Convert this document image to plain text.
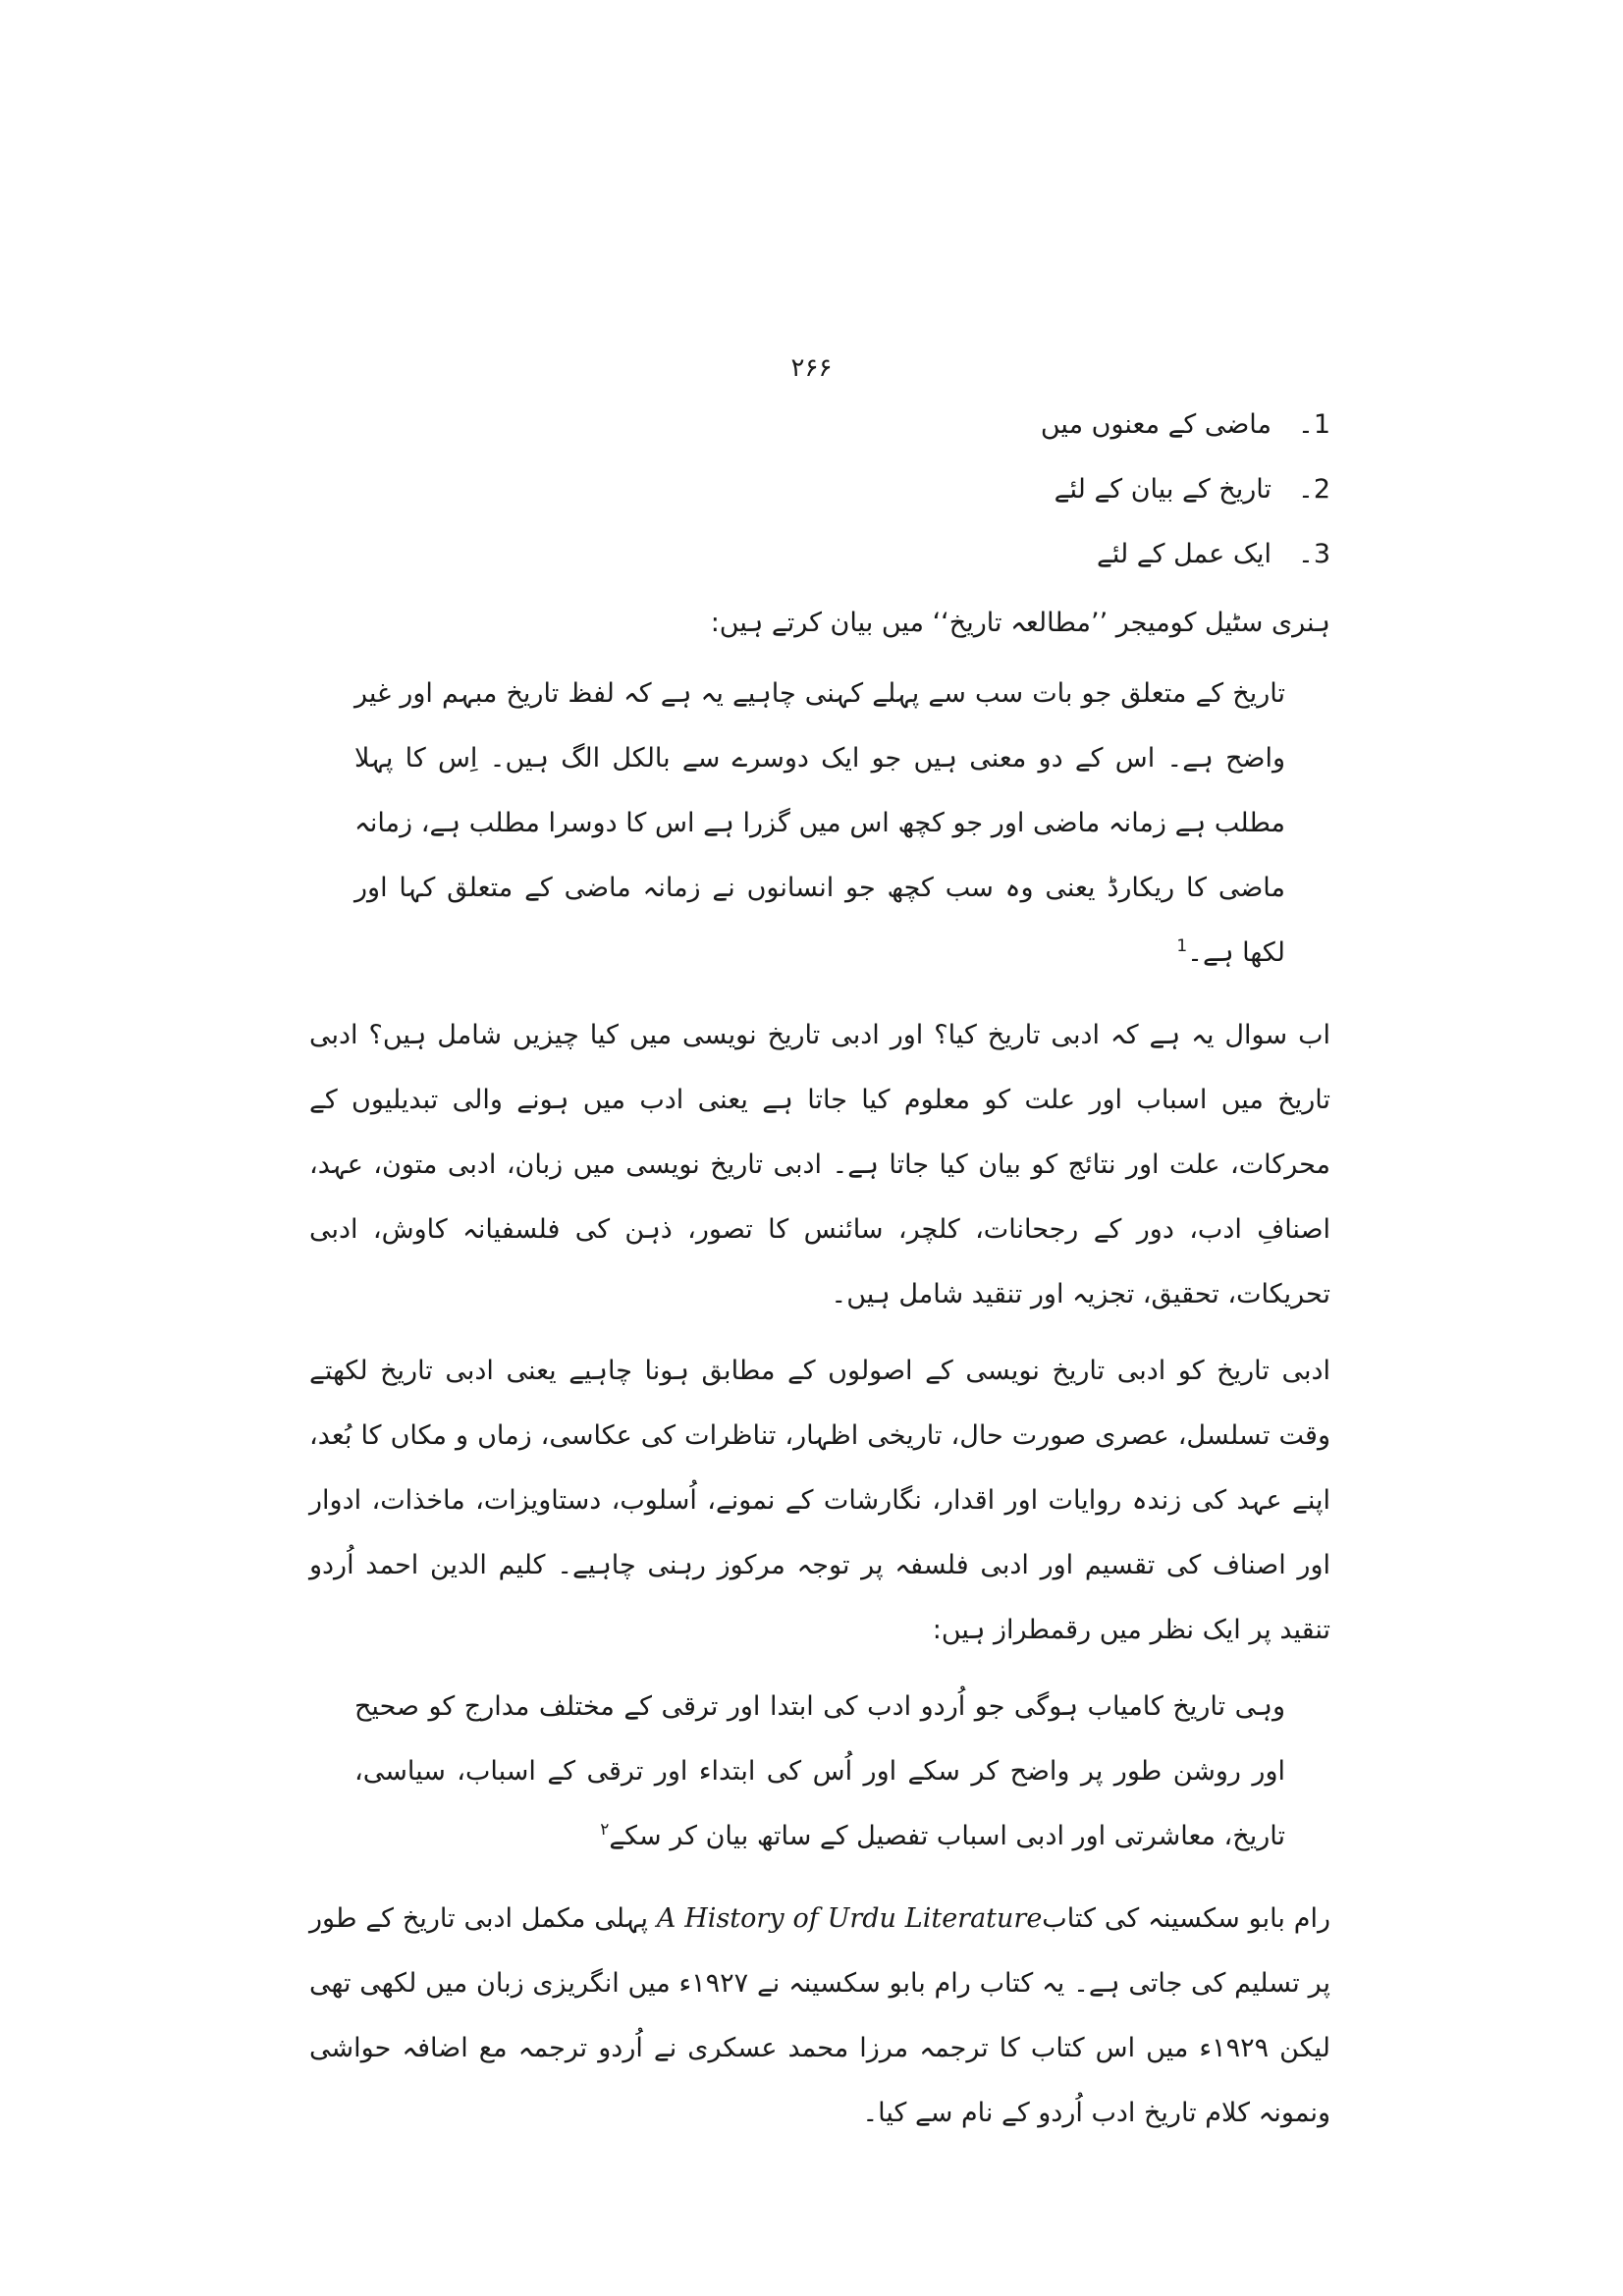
۲۶۶
1۔
ماضی کے معنوں میں
2۔
تاریخ کے بیان کے لئے
3۔
ایک عمل کے لئے

ہنری سٹیل کومیجر ’’مطالعہ تاریخ‘‘ میں بیان کرتے ہیں:

تاریخ کے متعلق جو بات سب سے پہلے کہنی چاہیے یہ ہے کہ لفظ تاریخ مبہم اور غیر واضح ہے۔ اس کے دو معنی ہیں جو ایک دوسرے سے بالکل الگ ہیں۔ اِس کا پہلا مطلب ہے زمانہ ماضی اور جو کچھ اس میں گزرا ہے اس کا دوسرا مطلب ہے، زمانہ ماضی کا ریکارڈ یعنی وہ سب کچھ جو انسانوں نے زمانہ ماضی کے متعلق کہا اور لکھا ہے۔$^1$

اب سوال یہ ہے کہ ادبی تاریخ کیا؟ اور ادبی تاریخ نویسی میں کیا چیزیں شامل ہیں؟ ادبی تاریخ میں اسباب اور علت کو معلوم کیا جاتا ہے یعنی ادب میں ہونے والی تبدیلیوں کے محرکات، علت اور نتائج کو بیان کیا جاتا ہے۔ ادبی تاریخ نویسی میں زبان، ادبی متون، عہد، اصنافِ ادب، دور کے رجحانات، کلچر، سائنس کا تصور، ذہن کی فلسفیانہ کاوش، ادبی تحریکات، تحقیق، تجزیہ اور تنقید شامل ہیں۔

ادبی تاریخ کو ادبی تاریخ نویسی کے اصولوں کے مطابق ہونا چاہیے یعنی ادبی تاریخ لکھتے وقت تسلسل، عصری صورت حال، تاریخی اظہار، تناظرات کی عکاسی، زماں و مکاں کا بُعد، اپنے عہد کی زندہ روایات اور اقدار، نگارشات کے نمونے، اُسلوب، دستاویزات، ماخذات، ادوار اور اصناف کی تقسیم اور ادبی فلسفہ پر توجہ مرکوز رہنی چاہیے۔ کلیم الدین احمد اُردو تنقید پر ایک نظر میں رقمطراز ہیں:

وہی تاریخ کامیاب ہوگی جو اُردو ادب کی ابتدا اور ترقی کے مختلف مدارج کو صحیح اور روشن طور پر واضح کر سکے اور اُس کی ابتداء اور ترقی کے اسباب، سیاسی، تاریخ، معاشرتی اور ادبی اسباب تفصیل کے ساتھ بیان کر سکے$^۲$

رام بابو سکسینہ کی کتابA History of Urdu Literature پہلی مکمل ادبی تاریخ کے طور پر تسلیم کی جاتی ہے۔ یہ کتاب رام بابو سکسینہ نے ۱۹۲۷ء میں انگریزی زبان میں لکھی تھی لیکن ۱۹۲۹ء میں اس کتاب کا ترجمہ مرزا محمد عسکری نے اُردو ترجمہ مع اضافہ حواشی ونمونہ کلام تاریخ ادب اُردو کے نام سے کیا۔
